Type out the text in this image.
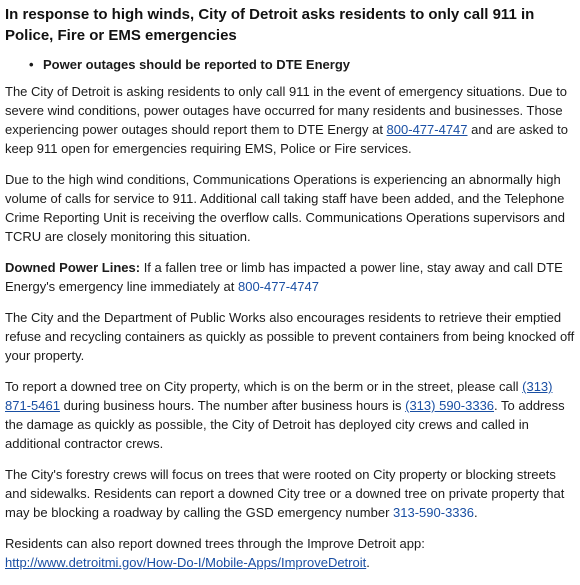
In response to high winds, City of Detroit asks residents to only call 911 in Police, Fire or EMS emergencies
• Power outages should be reported to DTE Energy

The City of Detroit is asking residents to only call 911 in the event of emergency situations. Due to severe wind conditions, power outages have occurred for many residents and businesses. Those experiencing power outages should report them to DTE Energy at 800-477-4747 and are asked to keep 911 open for emergencies requiring EMS, Police or Fire services.

Due to the high wind conditions, Communications Operations is experiencing an abnormally high volume of calls for service to 911. Additional call taking staff have been added, and the Telephone Crime Reporting Unit is receiving the overflow calls. Communications Operations supervisors and TCRU are closely monitoring this situation.

Downed Power Lines: If a fallen tree or limb has impacted a power line, stay away and call DTE Energy's emergency line immediately at 800-477-4747

The City and the Department of Public Works also encourages residents to retrieve their emptied refuse and recycling containers as quickly as possible to prevent containers from being knocked off your property.

To report a downed tree on City property, which is on the berm or in the street, please call (313) 871-5461 during business hours. The number after business hours is (313) 590-3336. To address the damage as quickly as possible, the City of Detroit has deployed city crews and called in additional contractor crews.

The City's forestry crews will focus on trees that were rooted on City property or blocking streets and sidewalks. Residents can report a downed City tree or a downed tree on private property that may be blocking a roadway by calling the GSD emergency number 313-590-3336.

Residents can also report downed trees through the Improve Detroit app: http://www.detroitmi.gov/How-Do-I/Mobile-Apps/ImproveDetroit.
